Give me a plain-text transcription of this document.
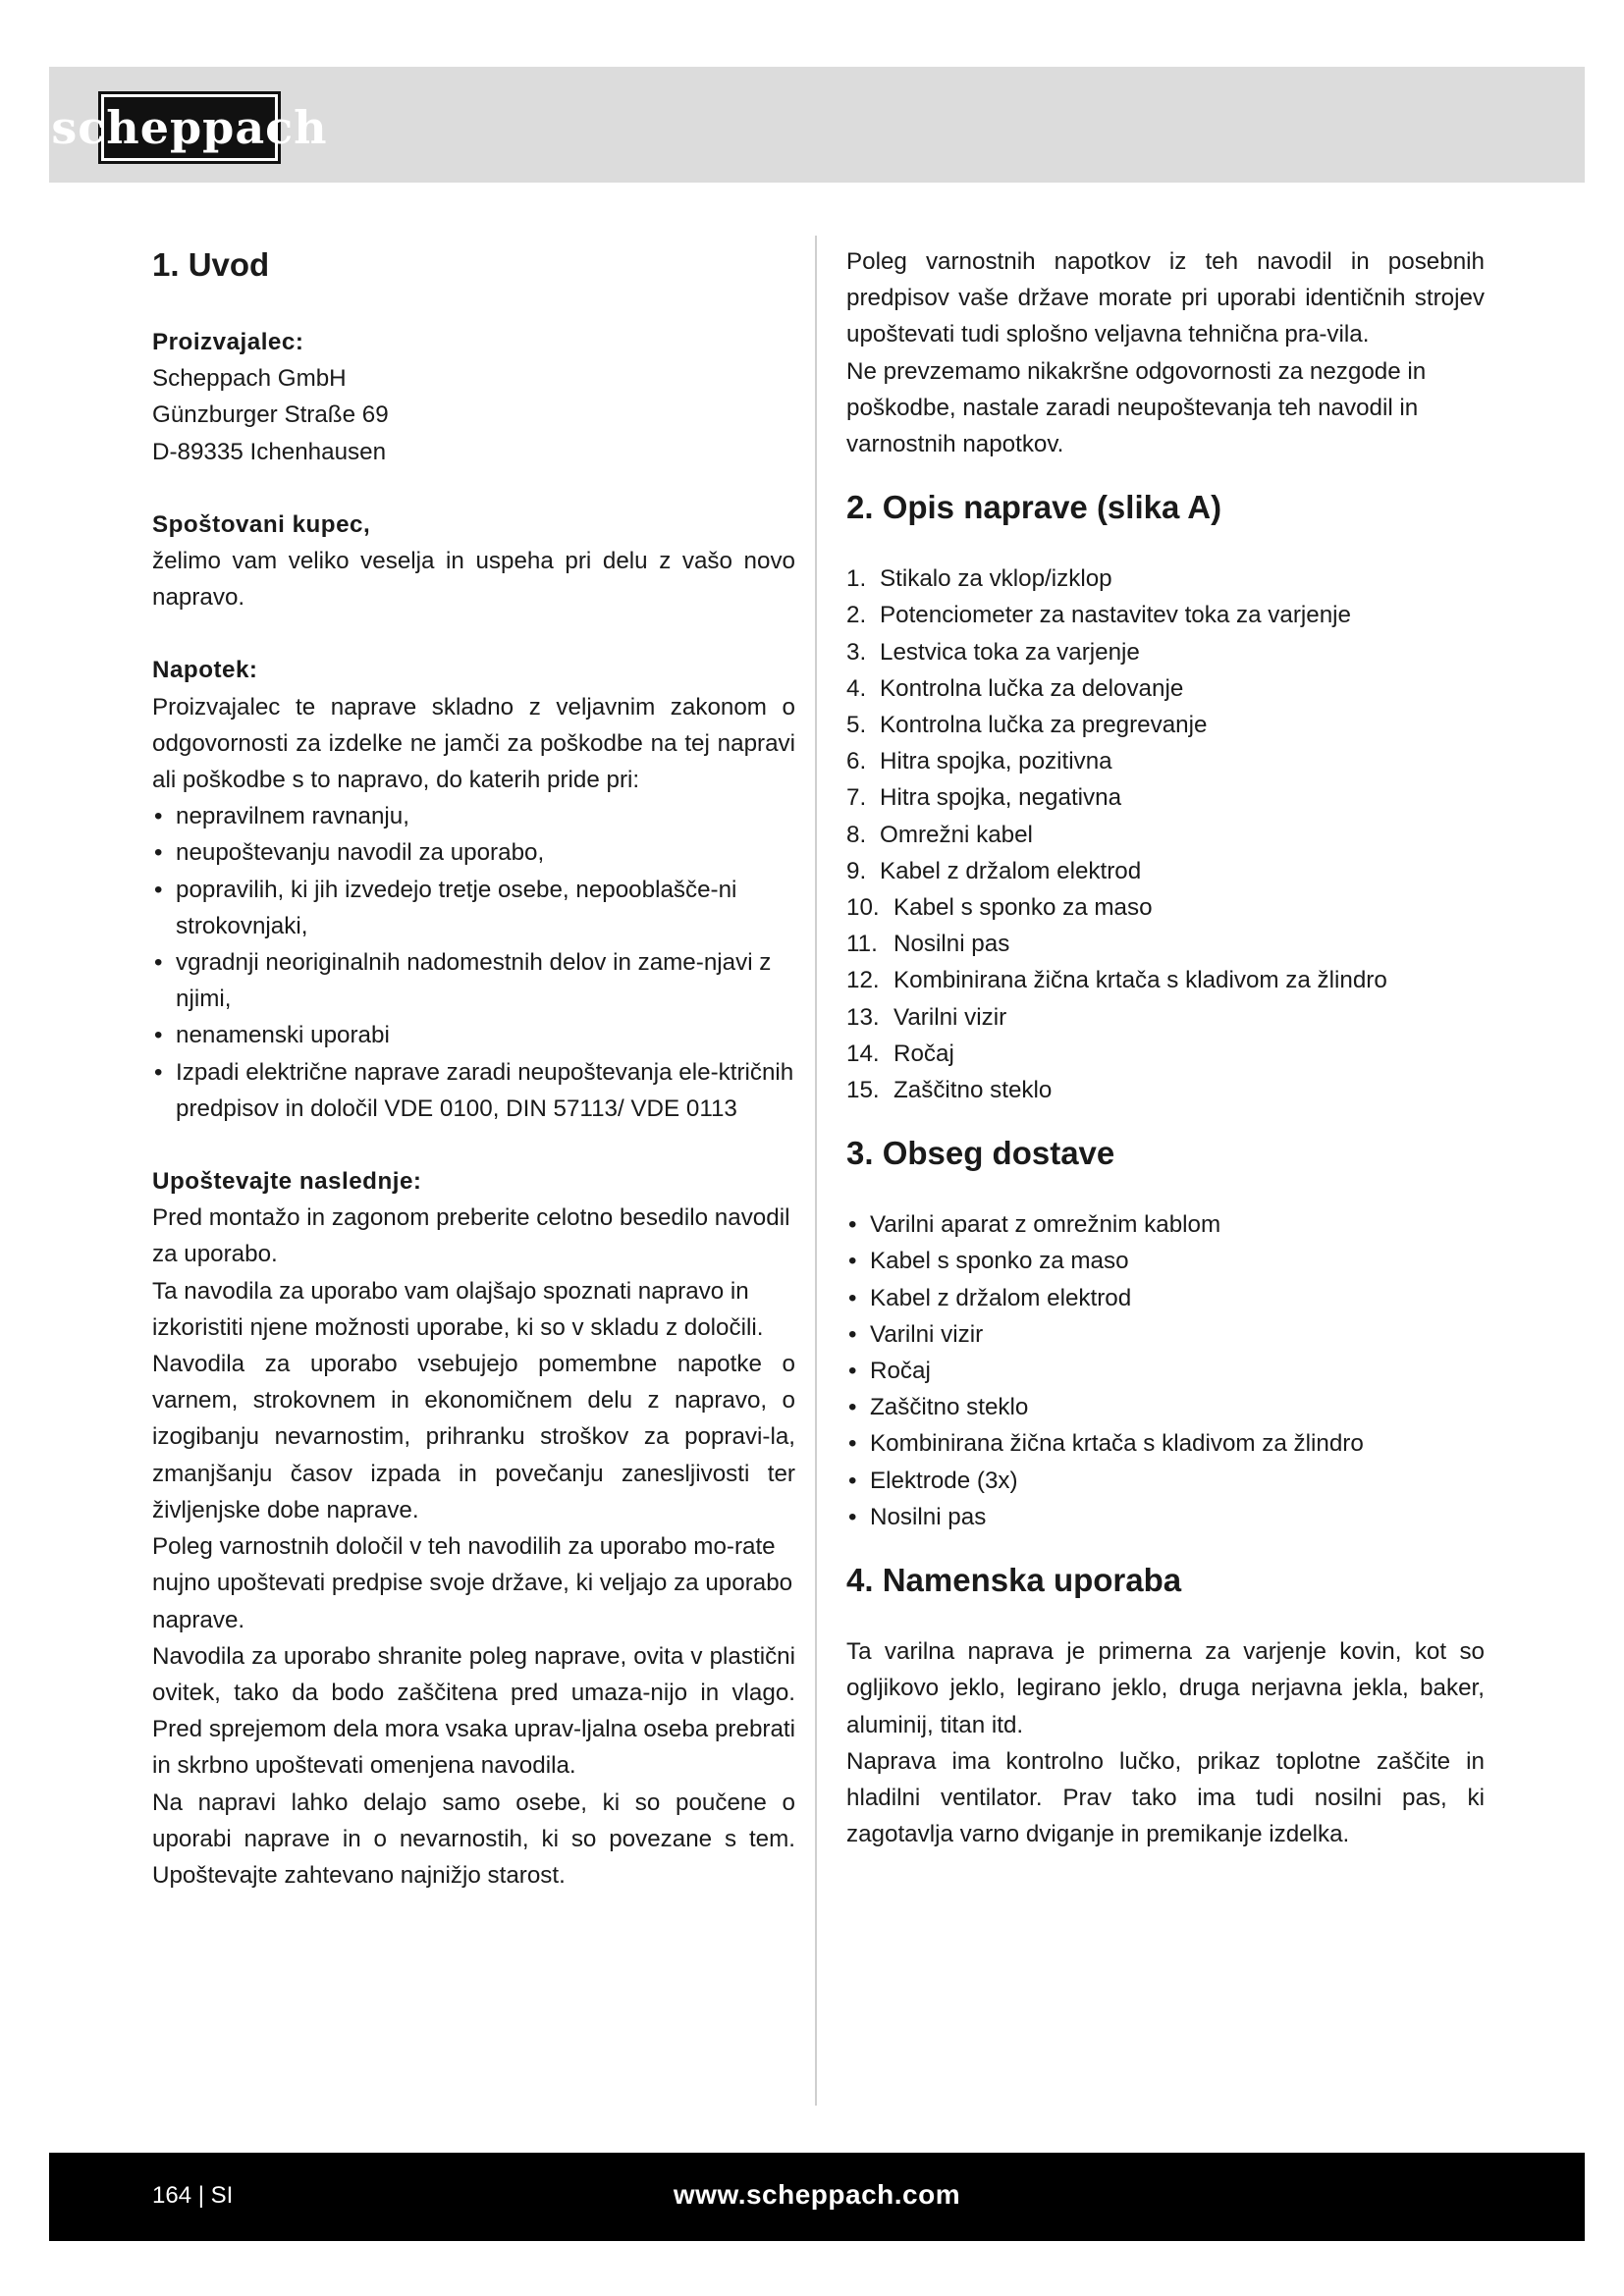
scheppach
1. Uvod
Proizvajalec:

Scheppach GmbH

Günzburger Straße 69

D-89335 Ichenhausen

Spoštovani kupec,

želimo vam veliko veselja in uspeha pri delu z vašo novo napravo.

Napotek:

Proizvajalec te naprave skladno z veljavnim zakonom o odgovornosti za izdelke ne jamči za poškodbe na tej napravi ali poškodbe s to napravo, do katerih pride pri:

• nepravilnem ravnanju,
• neupoštevanju navodil za uporabo,
• popravilih, ki jih izvedejo tretje osebe, nepooblašče-ni strokovnjaki,
• vgradnji neoriginalnih nadomestnih delov in zame-njavi z njimi,
• nenamenski uporabi
• Izpadi električne naprave zaradi neupoštevanja ele-ktričnih predpisov in določil VDE 0100, DIN 57113/ VDE 0113
Upoštevajte naslednje:

Pred montažo in zagonom preberite celotno besedilo navodil za uporabo.

Ta navodila za uporabo vam olajšajo spoznati napravo in izkoristiti njene možnosti uporabe, ki so v skladu z določili.

Navodila za uporabo vsebujejo pomembne napotke o varnem, strokovnem in ekonomičnem delu z napravo, o izogibanju nevarnostim, prihranku stroškov za popravi-la, zmanjšanju časov izpada in povečanju zanesljivosti ter življenjske dobe naprave.

Poleg varnostnih določil v teh navodilih za uporabo mo-rate nujno upoštevati predpise svoje države, ki veljajo za uporabo naprave.

Navodila za uporabo shranite poleg naprave, ovita v plastični ovitek, tako da bodo zaščitena pred umaza-nijo in vlago. Pred sprejemom dela mora vsaka uprav-ljalna oseba prebrati in skrbno upoštevati omenjena navodila.

Na napravi lahko delajo samo osebe, ki so poučene o uporabi naprave in o nevarnostih, ki so povezane s tem. Upoštevajte zahtevano najnižjo starost.

Poleg varnostnih napotkov iz teh navodil in posebnih predpisov vaše države morate pri uporabi identičnih strojev upoštevati tudi splošno veljavna tehnična pra-vila.

Ne prevzemamo nikakršne odgovornosti za nezgode in poškodbe, nastale zaradi neupoštevanja teh navodil in varnostnih napotkov.

2. Opis naprave (slika A)
1. Stikalo za vklop/izklop
2. Potenciometer za nastavitev toka za varjenje
3. Lestvica toka za varjenje
4. Kontrolna lučka za delovanje
5. Kontrolna lučka za pregrevanje
6. Hitra spojka, pozitivna
7. Hitra spojka, negativna
8. Omrežni kabel
9. Kabel z držalom elektrod
10. Kabel s sponko za maso
11. Nosilni pas
12. Kombinirana žična krtača s kladivom za žlindro
13. Varilni vizir
14. Ročaj
15. Zaščitno steklo
3. Obseg dostave
• Varilni aparat z omrežnim kablom
• Kabel s sponko za maso
• Kabel z držalom elektrod
• Varilni vizir
• Ročaj
• Zaščitno steklo
• Kombinirana žična krtača s kladivom za žlindro
• Elektrode (3x)
• Nosilni pas
4. Namenska uporaba

Ta varilna naprava je primerna za varjenje kovin, kot so ogljikovo jeklo, legirano jeklo, druga nerjavna jekla, baker, aluminij, titan itd.

Naprava ima kontrolno lučko, prikaz toplotne zaščite in hladilni ventilator. Prav tako ima tudi nosilni pas, ki zagotavlja varno dviganje in premikanje izdelka.

164 | SI	www.scheppach.com
